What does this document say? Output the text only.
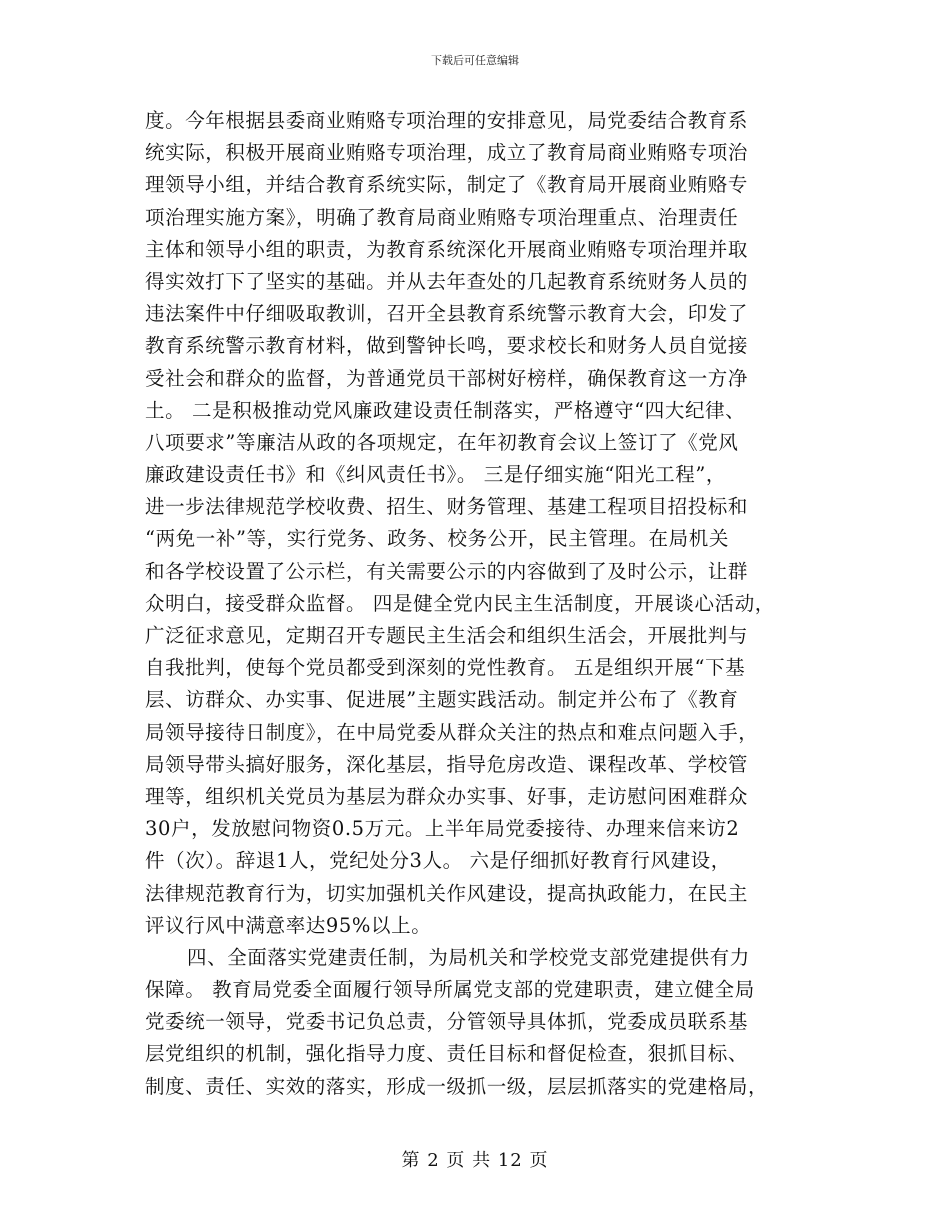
下载后可任意编辑
度。今年根据县委商业贿赂专项治理的安排意见，局党委结合教育系
统实际，积极开展商业贿赂专项治理，成立了教育局商业贿赂专项治
理领导小组，并结合教育系统实际，制定了《教育局开展商业贿赂专
项治理实施方案》，明确了教育局商业贿赂专项治理重点、治理责任
主体和领导小组的职责，为教育系统深化开展商业贿赂专项治理并取
得实效打下了坚实的基础。并从去年查处的几起教育系统财务人员的
违法案件中仔细吸取教训，召开全县教育系统警示教育大会，印发了
教育系统警示教育材料，做到警钟长鸣，要求校长和财务人员自觉接
受社会和群众的监督，为普通党员干部树好榜样，确保教育这一方净
土。 二是积极推动党风廉政建设责任制落实，严格遵守“四大纪律、
八项要求”等廉洁从政的各项规定，在年初教育会议上签订了《党风
廉政建设责任书》和《纠风责任书》。 三是仔细实施“阳光工程”，
进一步法律规范学校收费、招生、财务管理、基建工程项目招投标和
“两免一补”等，实行党务、政务、校务公开，民主管理。在局机关
和各学校设置了公示栏，有关需要公示的内容做到了及时公示，让群
众明白，接受群众监督。 四是健全党内民主生活制度，开展谈心活动，
广泛征求意见，定期召开专题民主生活会和组织生活会，开展批判与
自我批判，使每个党员都受到深刻的党性教育。 五是组织开展“下基
层、访群众、办实事、促进展”主题实践活动。制定并公布了《教育
局领导接待日制度》，在中局党委从群众关注的热点和难点问题入手，
局领导带头搞好服务，深化基层，指导危房改造、课程改革、学校管
理等，组织机关党员为基层为群众办实事、好事，走访慰问困难群众
30户，发放慰问物资0.5万元。上半年局党委接待、办理来信来访2
件（次）。辞退1人，党纪处分3人。 六是仔细抓好教育行风建设，
法律规范教育行为，切实加强机关作风建设，提高执政能力，在民主
评议行风中满意率达95%以上。
四、全面落实党建责任制，为局机关和学校党支部党建提供有力
保障。 教育局党委全面履行领导所属党支部的党建职责，建立健全局
党委统一领导，党委书记负总责，分管领导具体抓，党委成员联系基
层党组织的机制，强化指导力度、责任目标和督促检查，狠抓目标、
制度、责任、实效的落实，形成一级抓一级，层层抓落实的党建格局，
第 2 页 共 12 页
